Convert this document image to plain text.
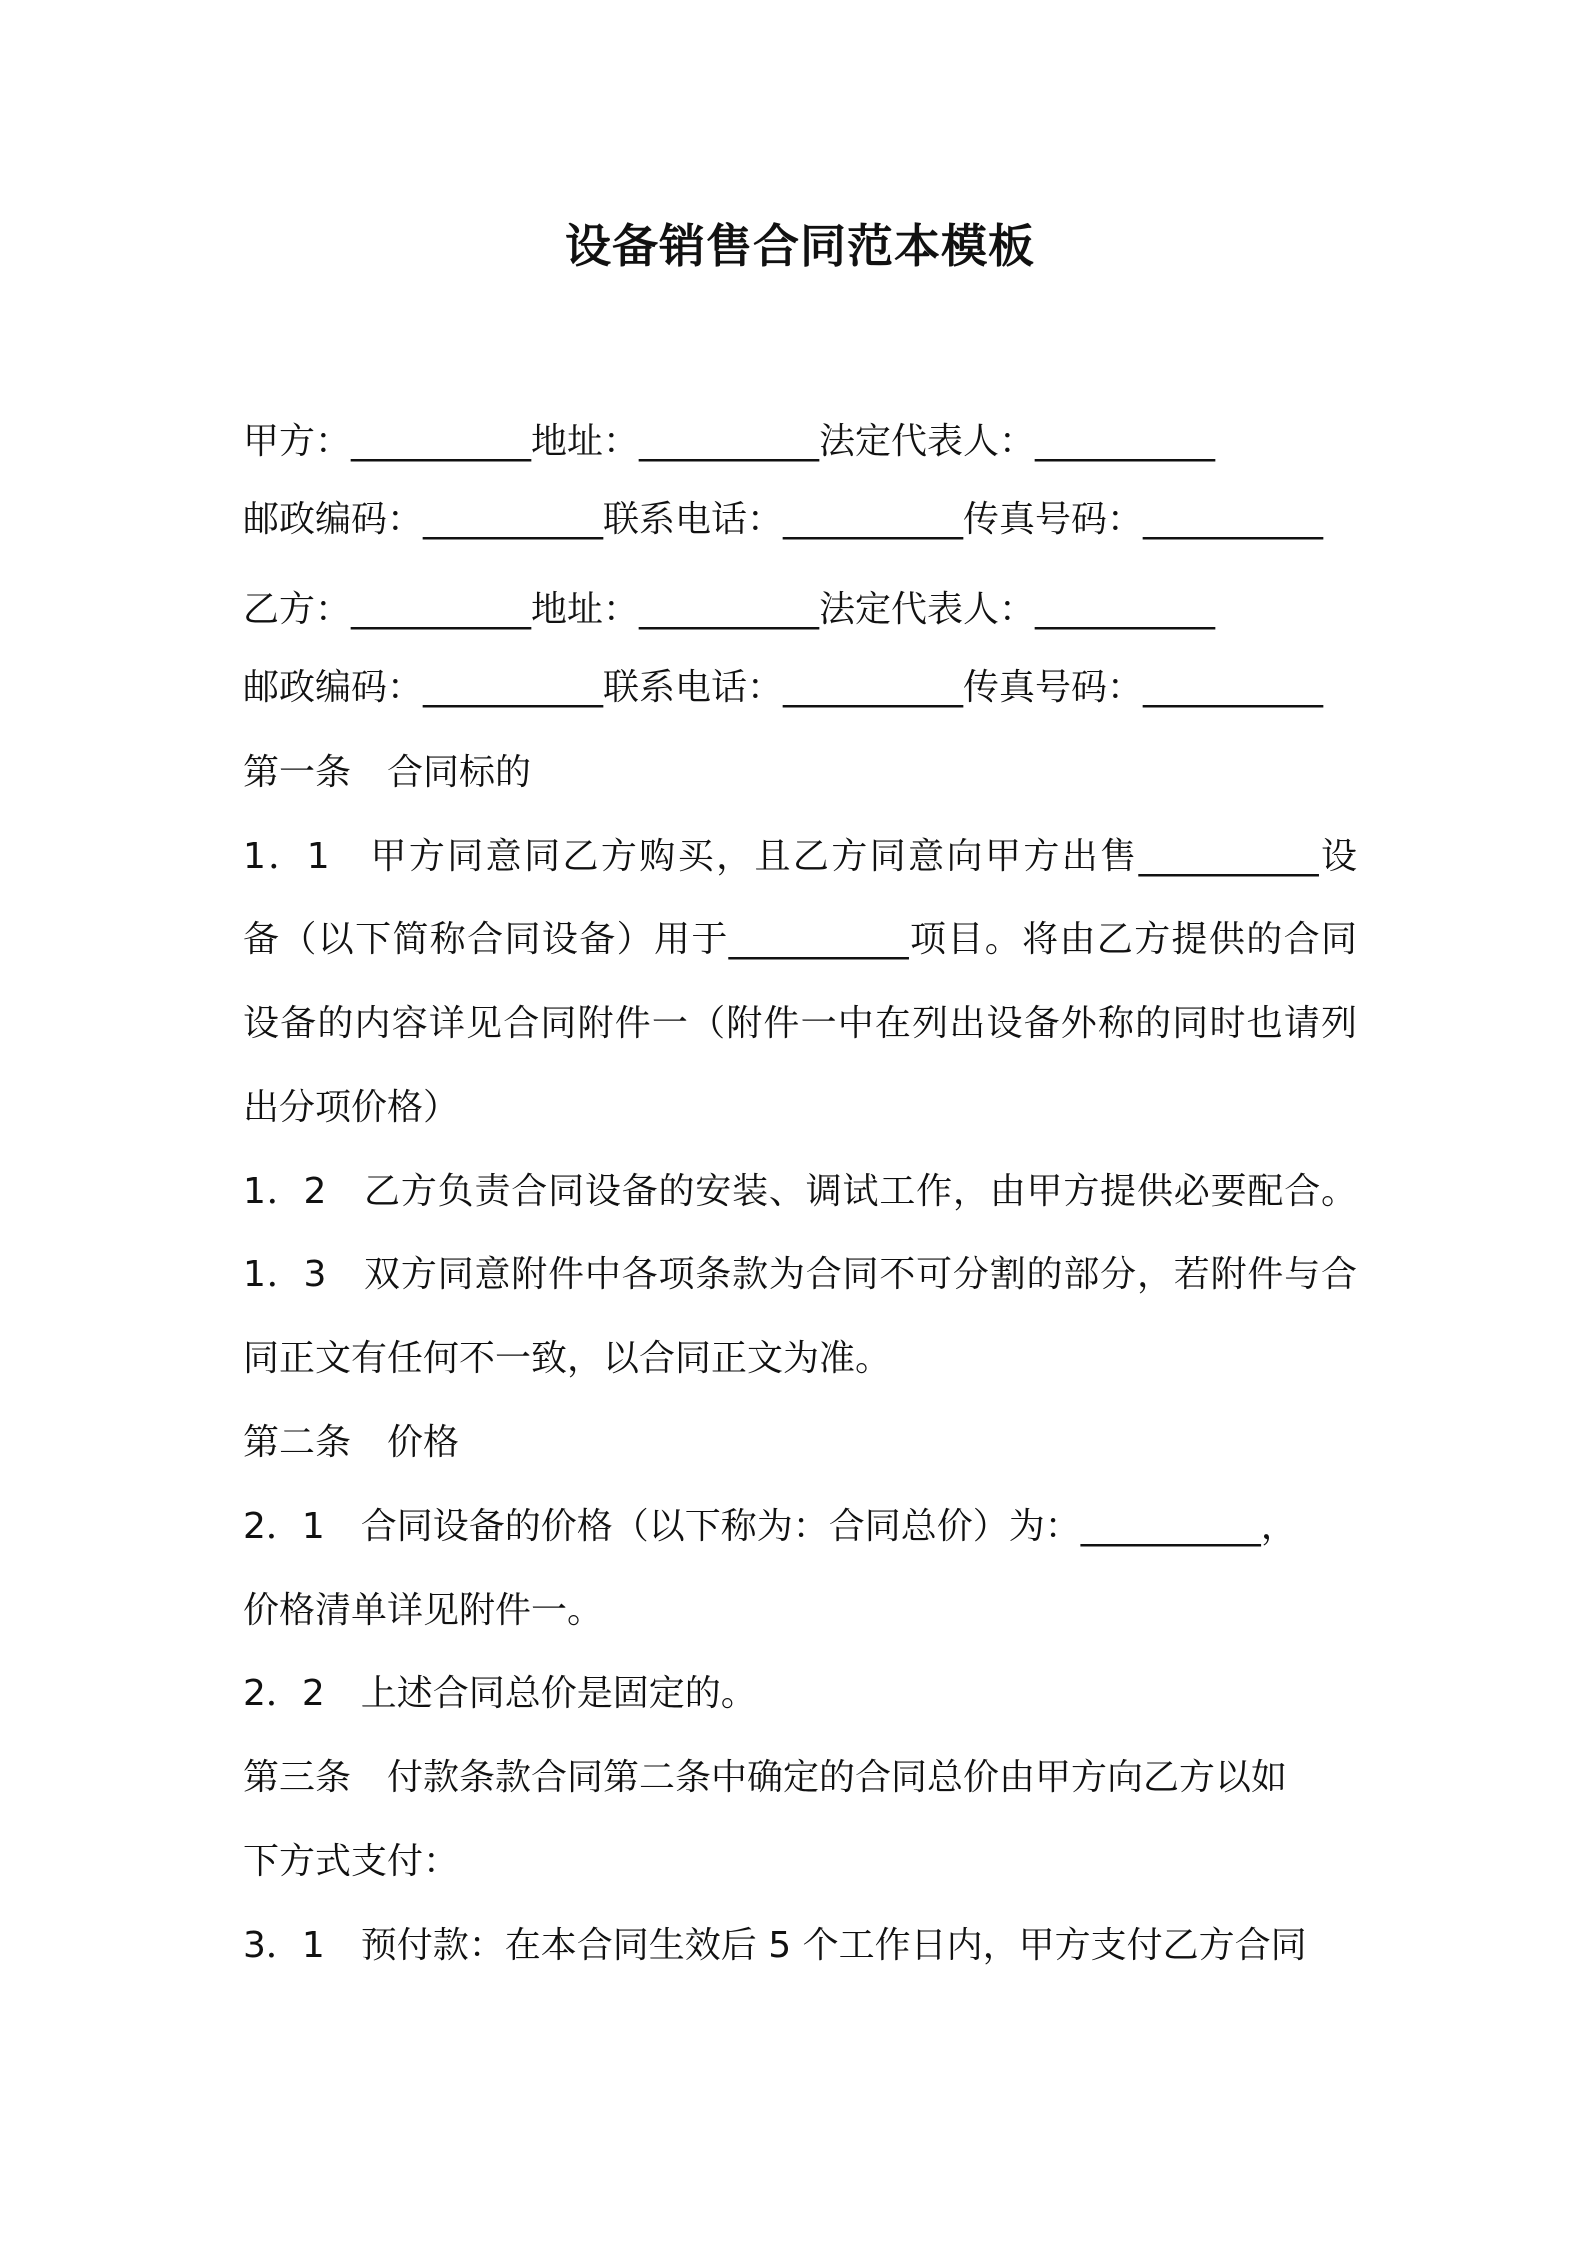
设备销售合同范本模板
甲方：__________地址：__________法定代表人：__________
邮政编码：__________联系电话：__________传真号码：__________
乙方：__________地址：__________法定代表人：__________
邮政编码：__________联系电话：__________传真号码：__________
第一条　合同标的
1．1　甲方同意同乙方购买，且乙方同意向甲方出售__________设
备（以下简称合同设备）用于__________项目。将由乙方提供的合同
设备的内容详见合同附件一（附件一中在列出设备外称的同时也请列
出分项价格）
1．2　乙方负责合同设备的安装、调试工作，由甲方提供必要配合。
1．3　双方同意附件中各项条款为合同不可分割的部分，若附件与合
同正文有任何不一致，以合同正文为准。
第二条　价格
2．1　合同设备的价格（以下称为：合同总价）为：__________，
价格清单详见附件一。
2．2　上述合同总价是固定的。
第三条　付款条款合同第二条中确定的合同总价由甲方向乙方以如
下方式支付：
3．1　预付款：在本合同生效后 5 个工作日内，甲方支付乙方合同
